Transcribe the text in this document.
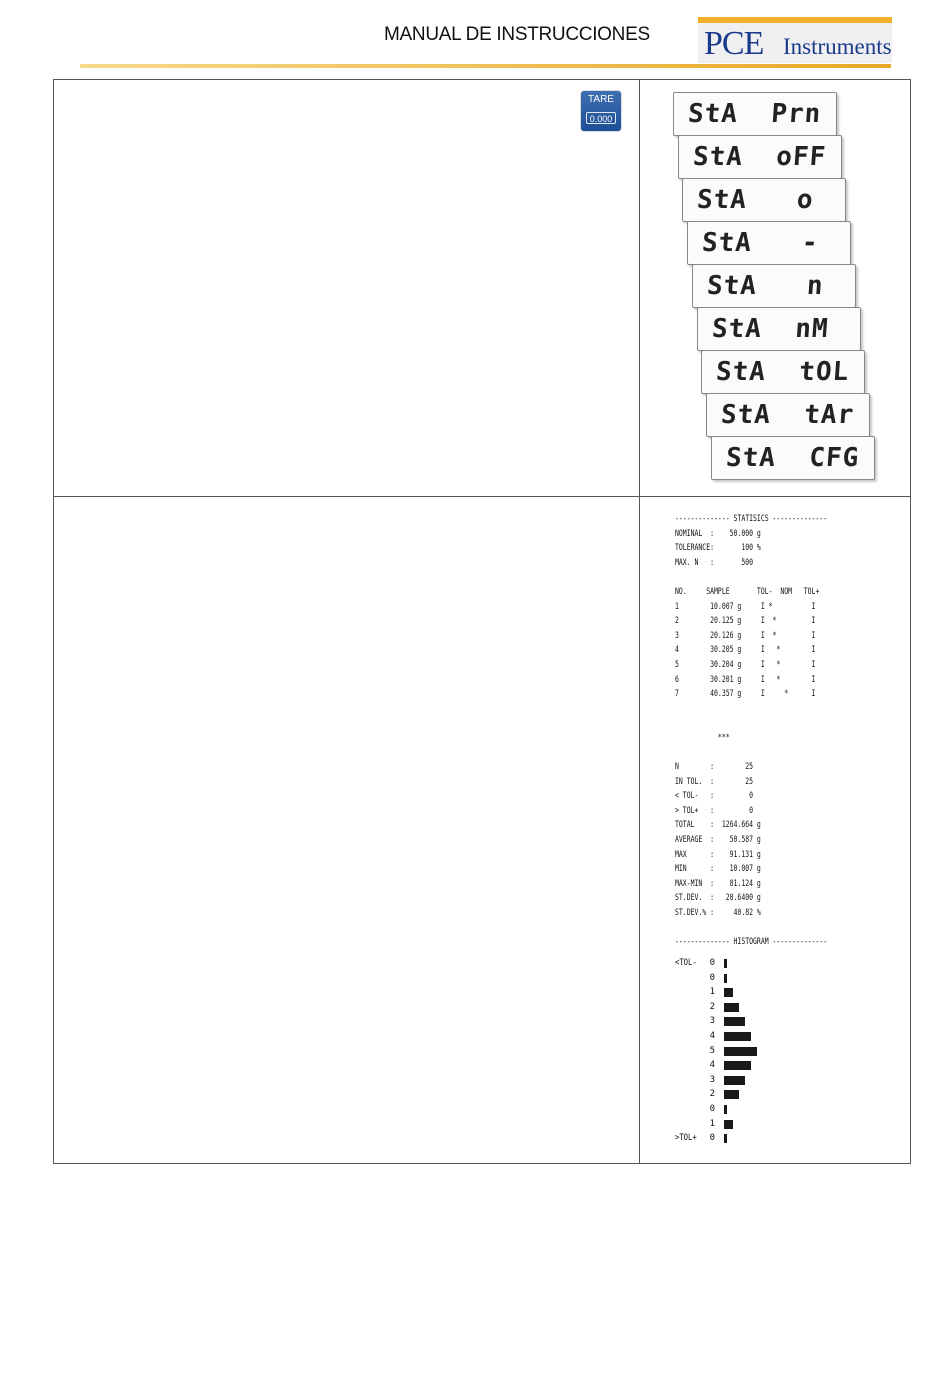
MANUAL DE INSTRUCCIONES PCE Instruments
TARE
0.000	StA  Prn
StA  oFF
StA   o
StA   -
StA   n
StA  nM
StA  tOL
StA  tAr
StA  CFG
-------------- STATISICS --------------
NOMINAL  :    50.000 g
TOLERANCE:       100 %
MAX. N   :       500
NO.     SAMPLE       TOL-  NOM   TOL+
1        10.007 g     I *          I
2        20.125 g     I  *         I
3        20.126 g     I  *         I
4        30.205 g     I   *        I
5        30.204 g     I   *        I
6        30.201 g     I   *        I
7        40.357 g     I     *      I
***
N        :        25
IN TOL.  :        25
< TOL-   :         0
> TOL+   :         0
TOTAL    :  1264.664 g
AVERAGE  :    50.587 g
MAX      :    91.131 g
MIN      :    10.007 g
MAX-MIN  :    81.124 g
ST.DEV.  :   20.6400 g
ST.DEV.% :     40.82 %
-------------- HISTOGRAM --------------
<TOL-	0
0
1
2
3
4
5
4
3
2
0
1
>TOL+	0
